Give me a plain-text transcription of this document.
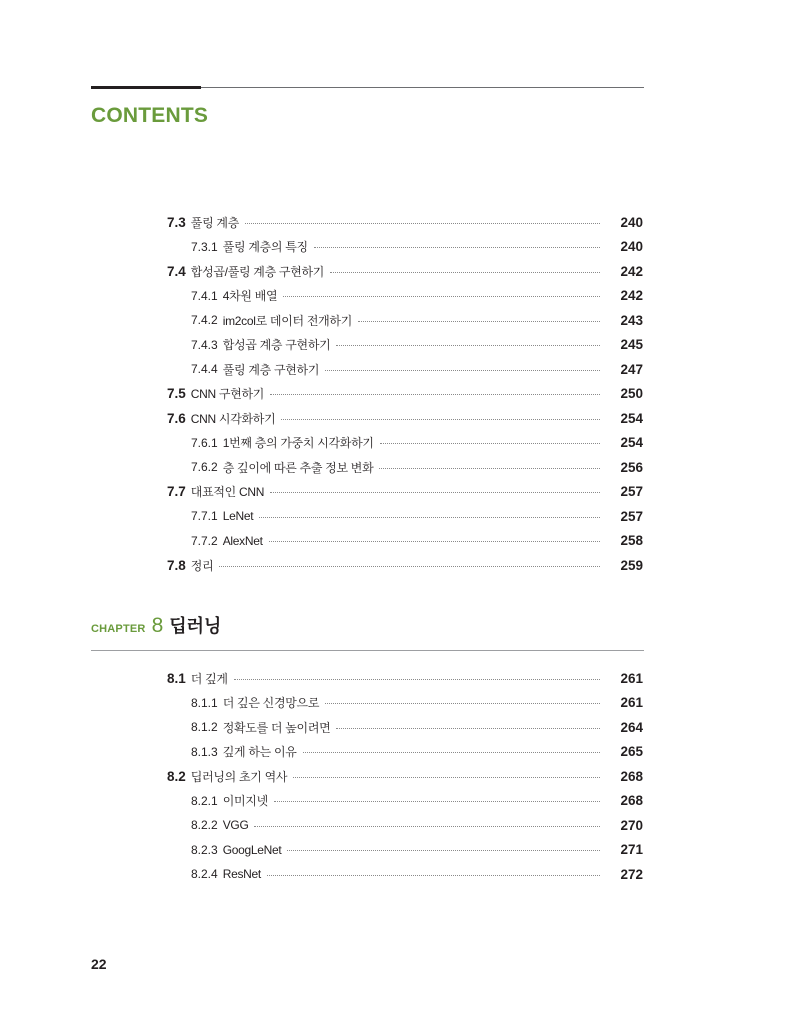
CONTENTS
7.3 풀링 계층	240
7.3.1 풀링 계층의 특징	240
7.4 합성곱/풀링 계층 구현하기	242
7.4.1 4차원 배열	242
7.4.2 im2col로 데이터 전개하기	243
7.4.3 합성곱 계층 구현하기	245
7.4.4 풀링 계층 구현하기	247
7.5 CNN 구현하기	250
7.6 CNN 시각화하기	254
7.6.1 1번째 층의 가중치 시각화하기	254
7.6.2 층 깊이에 따른 추출 정보 변화	256
7.7 대표적인 CNN	257
7.7.1 LeNet	257
7.7.2 AlexNet	258
7.8 정리	259
CHAPTER 8 딥러닝
8.1 더 깊게	261
8.1.1 더 깊은 신경망으로	261
8.1.2 정확도를 더 높이려면	264
8.1.3 깊게 하는 이유	265
8.2 딥러닝의 초기 역사	268
8.2.1 이미지넷	268
8.2.2 VGG	270
8.2.3 GoogLeNet	271
8.2.4 ResNet	272
22
